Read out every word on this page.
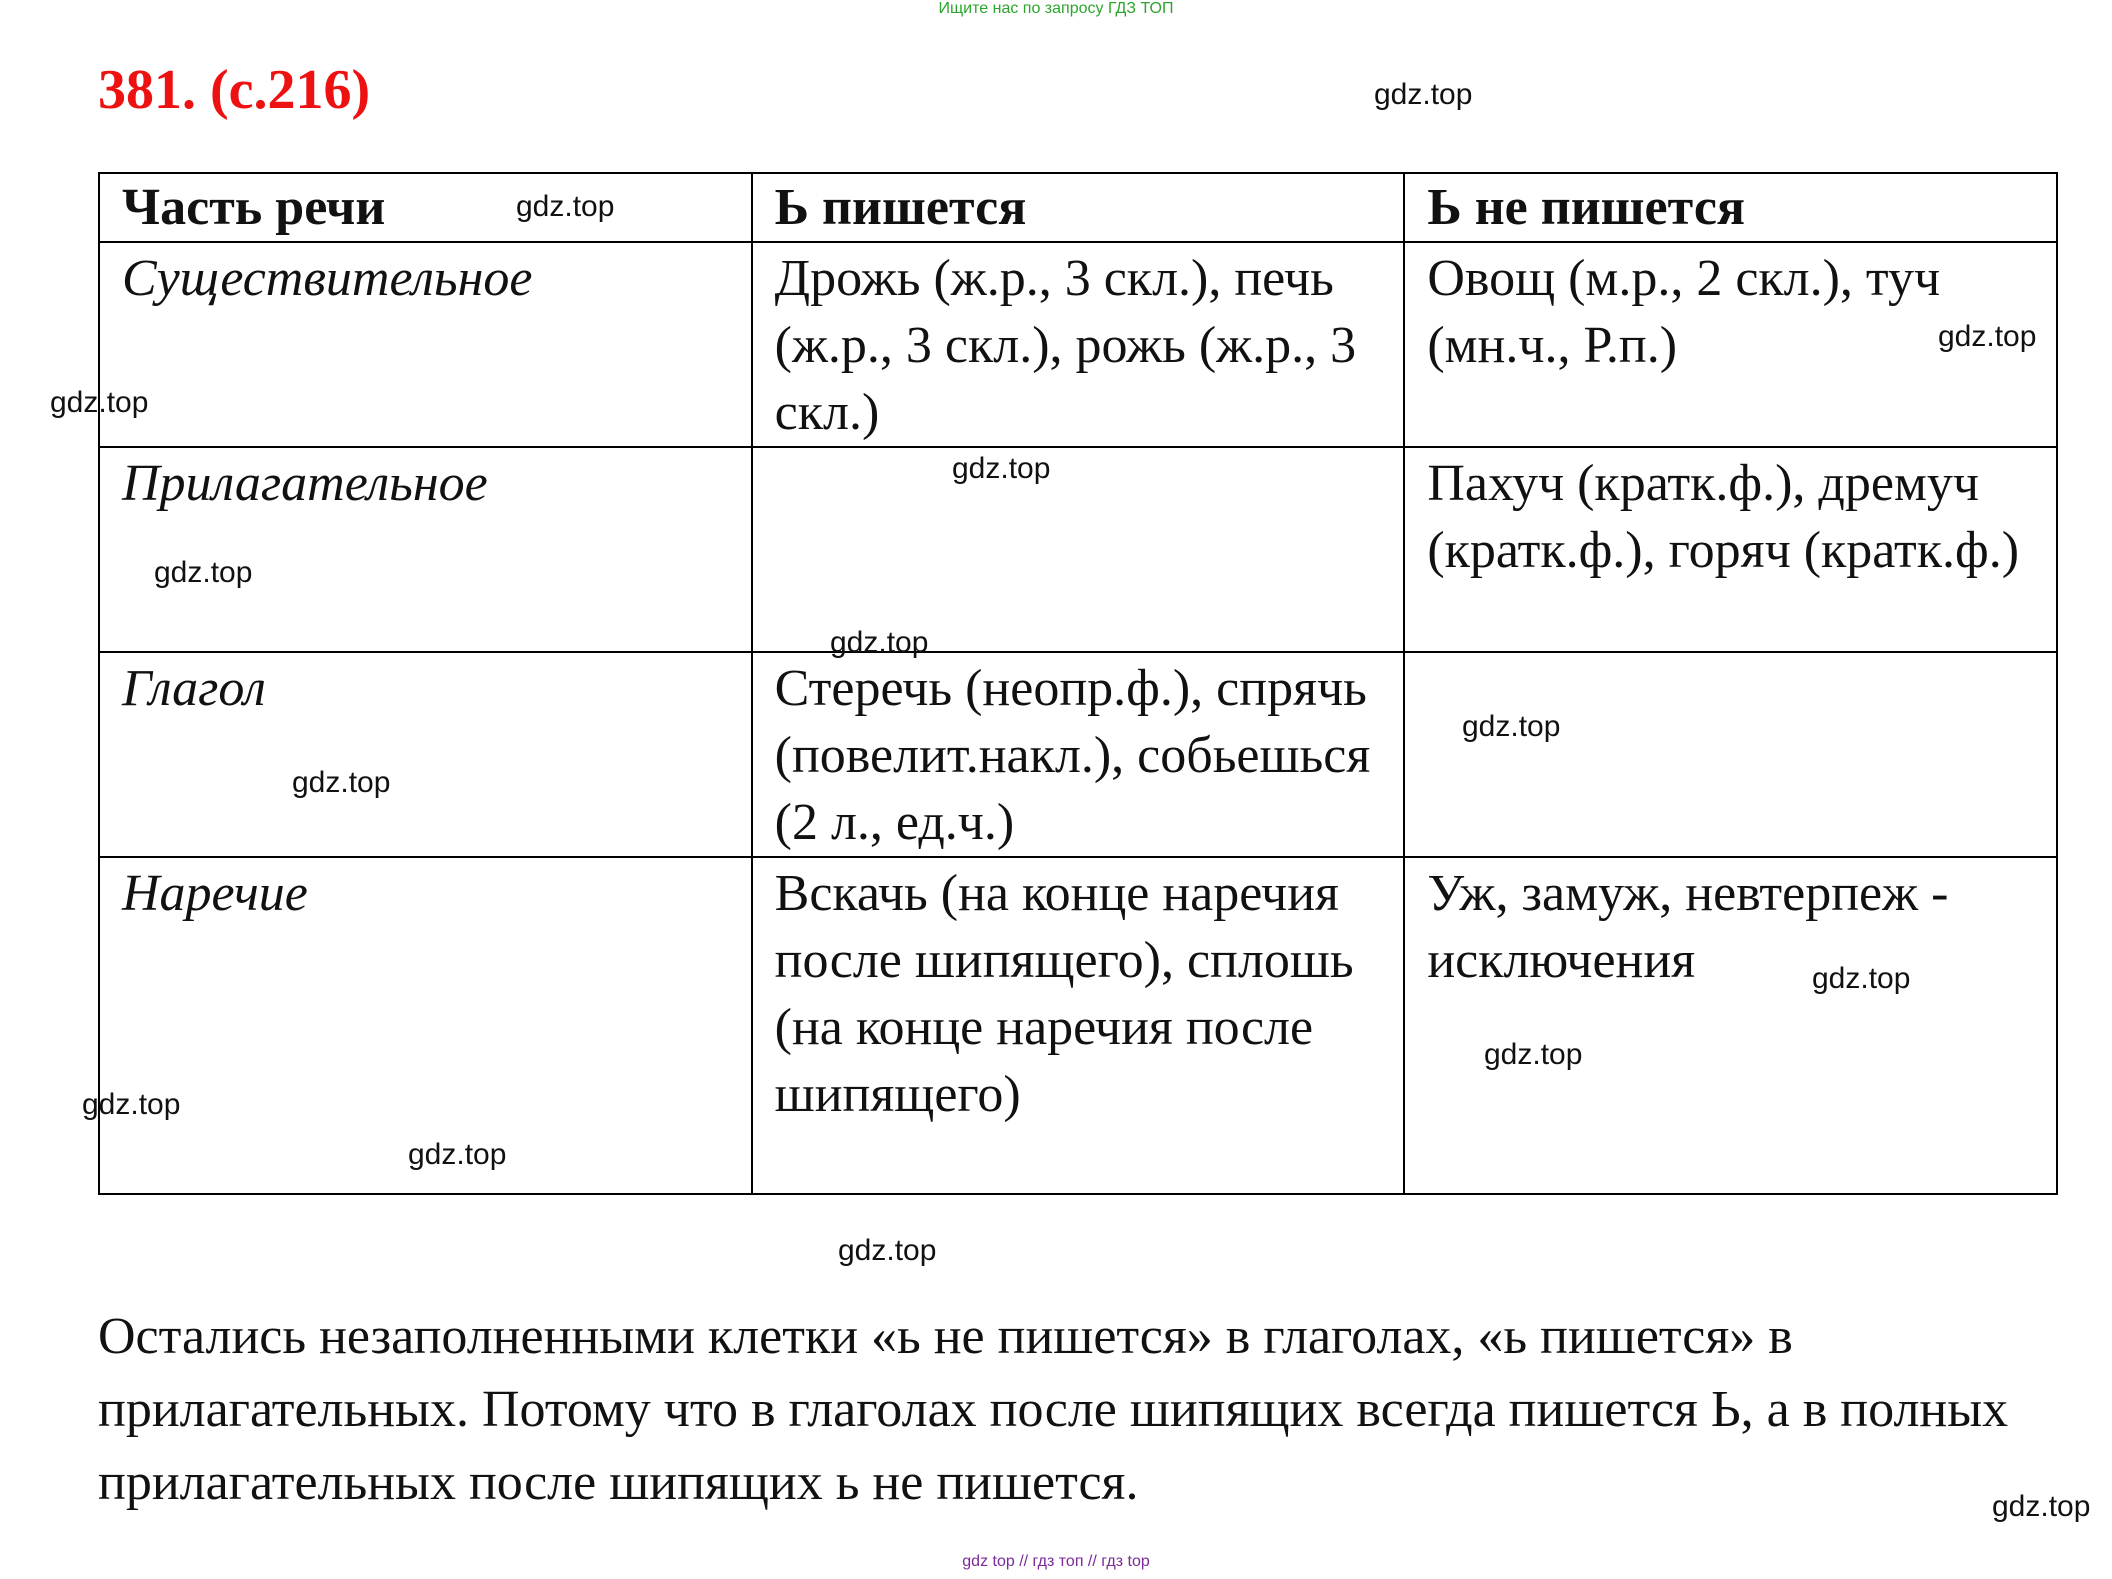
Ищите нас по запросу ГДЗ ТОП
381. (с.216)
Часть речи	Ь пишется	Ь не пишется
Существительное	Дрожь (ж.р., 3 скл.), печь (ж.р., 3 скл.), рожь (ж.р., 3 скл.)	Овощ (м.р., 2 скл.), туч (мн.ч., Р.п.)
Прилагательное		Пахуч (кратк.ф.), дремуч (кратк.ф.), горяч (кратк.ф.)
Глагол	Стеречь (неопр.ф.), спрячь (повелит.накл.), собьешься (2 л., ед.ч.)	
Наречие	Вскачь (на конце наречия после шипящего), сплошь (на конце наречия после шипящего)	Уж, замуж, невтерпеж - исключения

Остались незаполненными клетки «ь не пишется» в глаголах, «ь пишется» в прилагательных. Потому что в глаголах после шипящих всегда пишется Ь, а в полных прилагательных после шипящих ь не пишется.

gdz.top
gdz.top
gdz.top
gdz.top
gdz.top
gdz.top
gdz.top
gdz.top
gdz.top
gdz.top
gdz.top
gdz.top
gdz.top
gdz.top
gdz.top
gdz top // гдз топ // гдз top
